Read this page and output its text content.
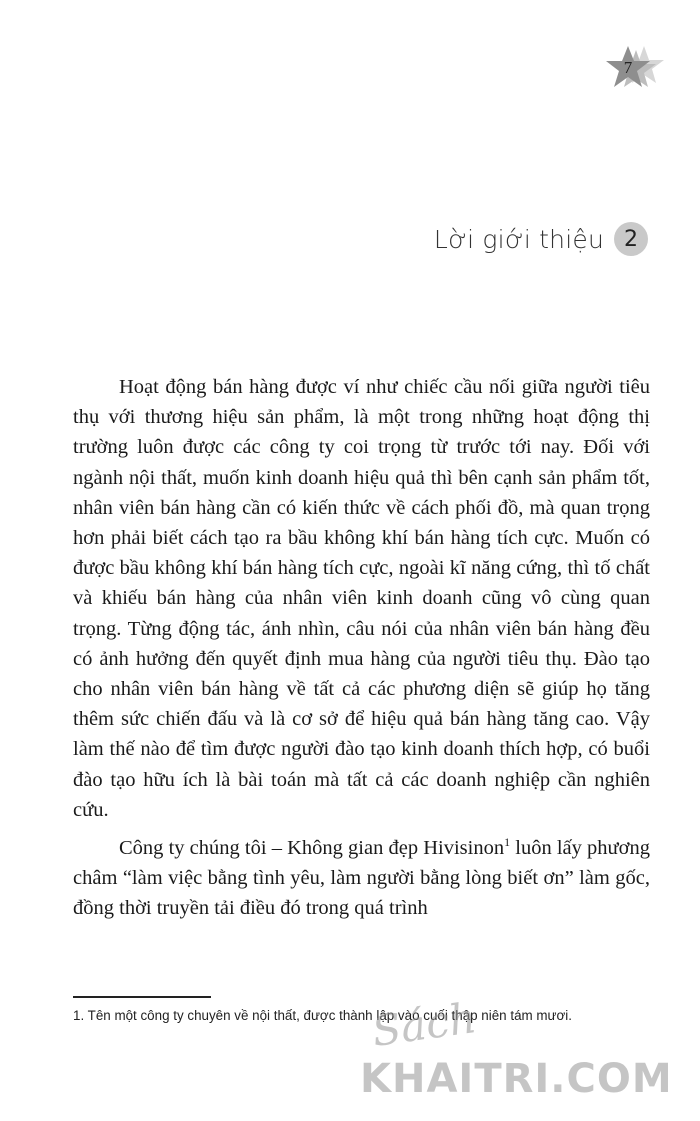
7
Lời giới thiệu 2

Hoạt động bán hàng được ví như chiếc cầu nối giữa người tiêu thụ với thương hiệu sản phẩm, là một trong những hoạt động thị trường luôn được các công ty coi trọng từ trước tới nay. Đối với ngành nội thất, muốn kinh doanh hiệu quả thì bên cạnh sản phẩm tốt, nhân viên bán hàng cần có kiến thức về cách phối đồ, mà quan trọng hơn phải biết cách tạo ra bầu không khí bán hàng tích cực. Muốn có được bầu không khí bán hàng tích cực, ngoài kĩ năng cứng, thì tố chất và khiếu bán hàng của nhân viên kinh doanh cũng vô cùng quan trọng. Từng động tác, ánh nhìn, câu nói của nhân viên bán hàng đều có ảnh hưởng đến quyết định mua hàng của người tiêu thụ. Đào tạo cho nhân viên bán hàng về tất cả các phương diện sẽ giúp họ tăng thêm sức chiến đấu và là cơ sở để hiệu quả bán hàng tăng cao. Vậy làm thế nào để tìm được người đào tạo kinh doanh thích hợp, có buổi đào tạo hữu ích là bài toán mà tất cả các doanh nghiệp cần nghiên cứu.

Công ty chúng tôi – Không gian đẹp Hivisinon$^1$ luôn lấy phương châm “làm việc bằng tình yêu, làm người bằng lòng biết ơn” làm gốc, đồng thời truyền tải điều đó trong quá trình

1. Tên một công ty chuyên về nội thất, được thành lập vào cuối thập niên tám mươi.
Sách
KHAITRI.COM
